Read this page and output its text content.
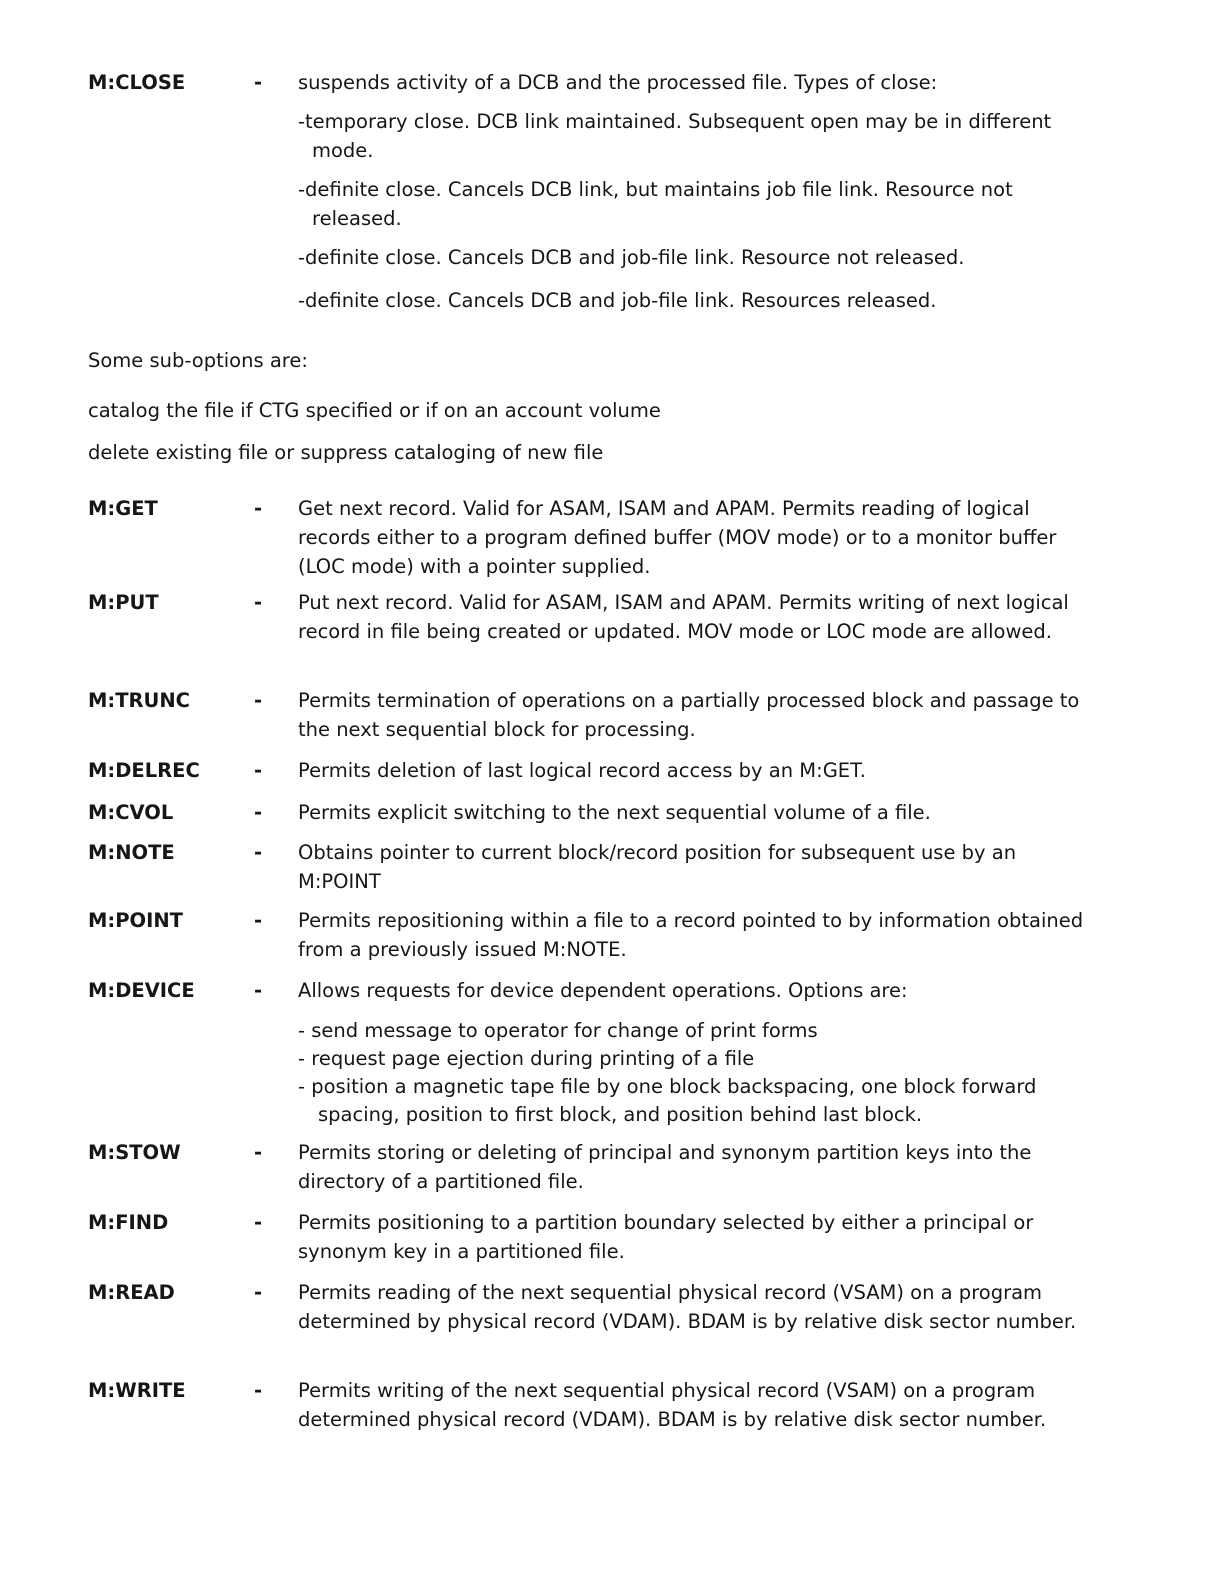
M:CLOSE	- suspends activity of a DCB and the processed file. Types of close:
-temporary close. DCB link maintained. Subsequent open may be in different mode.
-definite close. Cancels DCB link, but maintains job file link. Resource not released.
-definite close. Cancels DCB and job-file link. Resource not released.
-definite close. Cancels DCB and job-file link. Resources released.
Some sub-options are:
catalog the file if CTG specified or if on an account volume
delete existing file or suppress cataloging of new file
M:GET	- Get next record. Valid for ASAM, ISAM and APAM. Permits reading of logical records either to a program defined buffer (MOV mode) or to a monitor buffer (LOC mode) with a pointer supplied.
M:PUT	- Put next record. Valid for ASAM, ISAM and APAM. Permits writing of next logical record in file being created or updated. MOV mode or LOC mode are allowed.
M:TRUNC	- Permits termination of operations on a partially processed block and passage to the next sequential block for processing.
M:DELREC	- Permits deletion of last logical record access by an M:GET.
M:CVOL	- Permits explicit switching to the next sequential volume of a file.
M:NOTE	- Obtains pointer to current block/record position for subsequent use by an M:POINT
M:POINT	- Permits repositioning within a file to a record pointed to by information obtained from a previously issued M:NOTE.
M:DEVICE	- Allows requests for device dependent operations. Options are:
- send message to operator for change of print forms
- request page ejection during printing of a file
- position a magnetic tape file by one block backspacing, one block forward spacing, position to first block, and position behind last block.
M:STOW	- Permits storing or deleting of principal and synonym partition keys into the directory of a partitioned file.
M:FIND	- Permits positioning to a partition boundary selected by either a principal or synonym key in a partitioned file.
M:READ	- Permits reading of the next sequential physical record (VSAM) on a program determined by physical record (VDAM). BDAM is by relative disk sector number.
M:WRITE	- Permits writing of the next sequential physical record (VSAM) on a program determined physical record (VDAM). BDAM is by relative disk sector number.
